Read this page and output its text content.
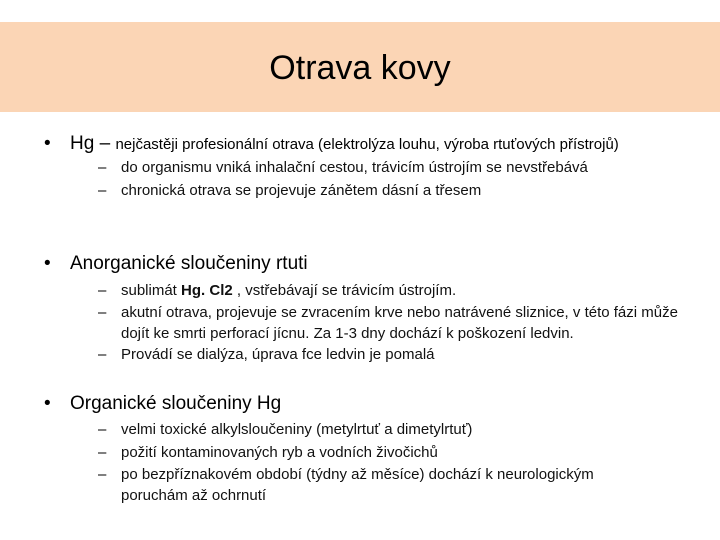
Otrava kovy
• Hg – nejčastěji profesionální otrava (elektrolýza louhu, výroba rtuťových přístrojů)
– do organismu vniká inhalační cestou, trávicím ústrojím se nevstřebává
– chronická otrava se projevuje zánětem dásní a třesem
• Anorganické sloučeniny rtuti
– sublimát Hg. Cl2 , vstřebávají se trávicím ústrojím.
– akutní otrava, projevuje se zvracením krve nebo natrávené sliznice, v této fázi může dojít ke smrti perforací jícnu. Za 1-3 dny dochází k poškození ledvin.
– Provádí se dialýza, úprava fce ledvin je pomalá
• Organické sloučeniny Hg
– velmi toxické alkylsloučeniny (metylrtuť a dimetylrtuť)
– požití kontaminovaných ryb a vodních živočichů
– po bezpříznakovém období (týdny až měsíce) dochází k neurologickým poruchám až ochrnutí
